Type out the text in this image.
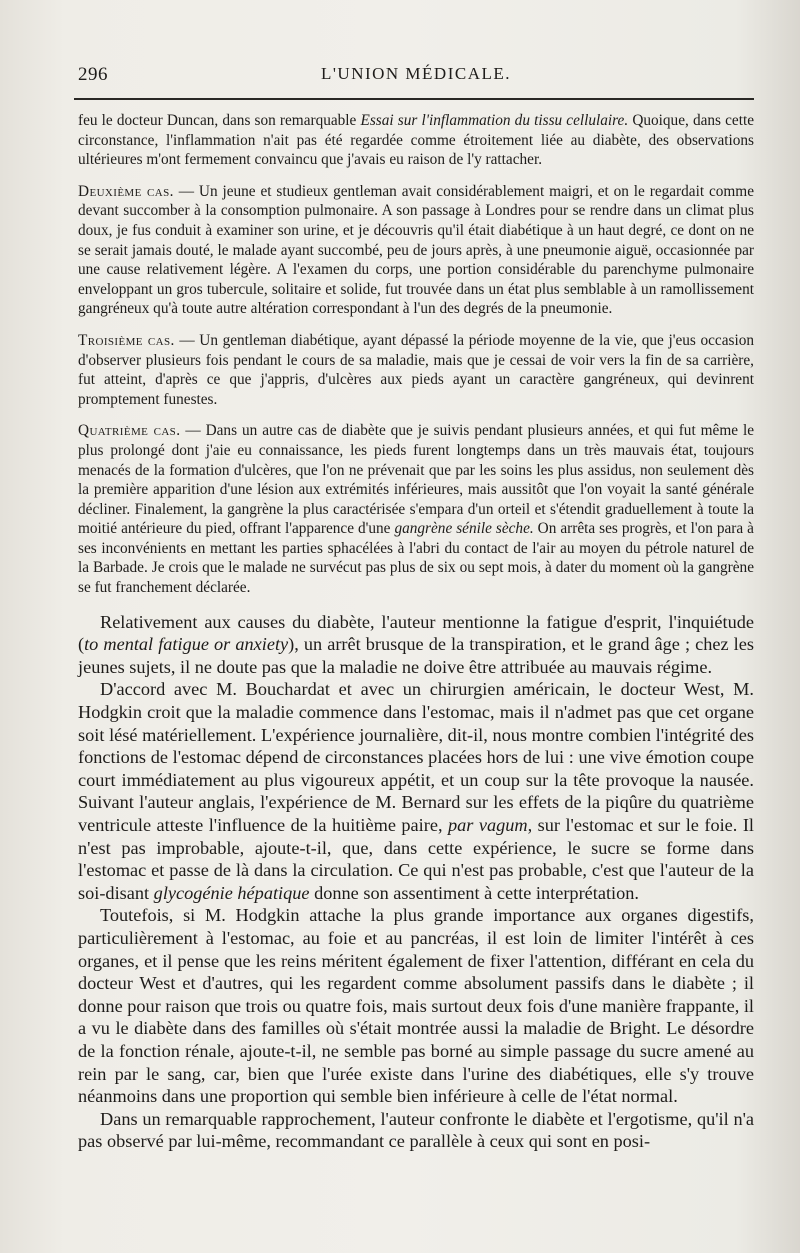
296	L'UNION MÉDICALE.

feu le docteur Duncan, dans son remarquable Essai sur l'inflammation du tissu cellulaire. Quoique, dans cette circonstance, l'inflammation n'ait pas été regardée comme étroitement liée au diabète, des observations ultérieures m'ont fermement convaincu que j'avais eu raison de l'y rattacher.

Deuxième cas. — Un jeune et studieux gentleman avait considérablement maigri, et on le regardait comme devant succomber à la consomption pulmonaire. A son passage à Londres pour se rendre dans un climat plus doux, je fus conduit à examiner son urine, et je découvris qu'il était diabétique à un haut degré, ce dont on ne se serait jamais douté, le malade ayant succombé, peu de jours après, à une pneumonie aiguë, occasionnée par une cause relativement légère. A l'examen du corps, une portion considérable du parenchyme pulmonaire enveloppant un gros tubercule, solitaire et solide, fut trouvée dans un état plus semblable à un ramollissement gangréneux qu'à toute autre altération correspondant à l'un des degrés de la pneumonie.

Troisième cas. — Un gentleman diabétique, ayant dépassé la période moyenne de la vie, que j'eus occasion d'observer plusieurs fois pendant le cours de sa maladie, mais que je cessai de voir vers la fin de sa carrière, fut atteint, d'après ce que j'appris, d'ulcères aux pieds ayant un caractère gangréneux, qui devinrent promptement funestes.

Quatrième cas. — Dans un autre cas de diabète que je suivis pendant plusieurs années, et qui fut même le plus prolongé dont j'aie eu connaissance, les pieds furent longtemps dans un très mauvais état, toujours menacés de la formation d'ulcères, que l'on ne prévenait que par les soins les plus assidus, non seulement dès la première apparition d'une lésion aux extrémités inférieures, mais aussitôt que l'on voyait la santé générale décliner. Finalement, la gangrène la plus caractérisée s'empara d'un orteil et s'étendit graduellement à toute la moitié antérieure du pied, offrant l'apparence d'une gangrène sénile sèche. On arrêta ses progrès, et l'on para à ses inconvénients en mettant les parties sphacélées à l'abri du contact de l'air au moyen du pétrole naturel de la Barbade. Je crois que le malade ne survécut pas plus de six ou sept mois, à dater du moment où la gangrène se fut franchement déclarée.

Relativement aux causes du diabète, l'auteur mentionne la fatigue d'esprit, l'inquiétude (to mental fatigue or anxiety), un arrêt brusque de la transpiration, et le grand âge ; chez les jeunes sujets, il ne doute pas que la maladie ne doive être attribuée au mauvais régime.

D'accord avec M. Bouchardat et avec un chirurgien américain, le docteur West, M. Hodgkin croit que la maladie commence dans l'estomac, mais il n'admet pas que cet organe soit lésé matériellement. L'expérience journalière, dit-il, nous montre combien l'intégrité des fonctions de l'estomac dépend de circonstances placées hors de lui : une vive émotion coupe court immédiatement au plus vigoureux appétit, et un coup sur la tête provoque la nausée. Suivant l'auteur anglais, l'expérience de M. Bernard sur les effets de la piqûre du quatrième ventricule atteste l'influence de la huitième paire, par vagum, sur l'estomac et sur le foie. Il n'est pas improbable, ajoute-t-il, que, dans cette expérience, le sucre se forme dans l'estomac et passe de là dans la circulation. Ce qui n'est pas probable, c'est que l'auteur de la soi-disant glycogénie hépatique donne son assentiment à cette interprétation.

Toutefois, si M. Hodgkin attache la plus grande importance aux organes digestifs, particulièrement à l'estomac, au foie et au pancréas, il est loin de limiter l'intérêt à ces organes, et il pense que les reins méritent également de fixer l'attention, différant en cela du docteur West et d'autres, qui les regardent comme absolument passifs dans le diabète ; il donne pour raison que trois ou quatre fois, mais surtout deux fois d'une manière frappante, il a vu le diabète dans des familles où s'était montrée aussi la maladie de Bright. Le désordre de la fonction rénale, ajoute-t-il, ne semble pas borné au simple passage du sucre amené au rein par le sang, car, bien que l'urée existe dans l'urine des diabétiques, elle s'y trouve néanmoins dans une proportion qui semble bien inférieure à celle de l'état normal.

Dans un remarquable rapprochement, l'auteur confronte le diabète et l'ergotisme, qu'il n'a pas observé par lui-même, recommandant ce parallèle à ceux qui sont en posi-
